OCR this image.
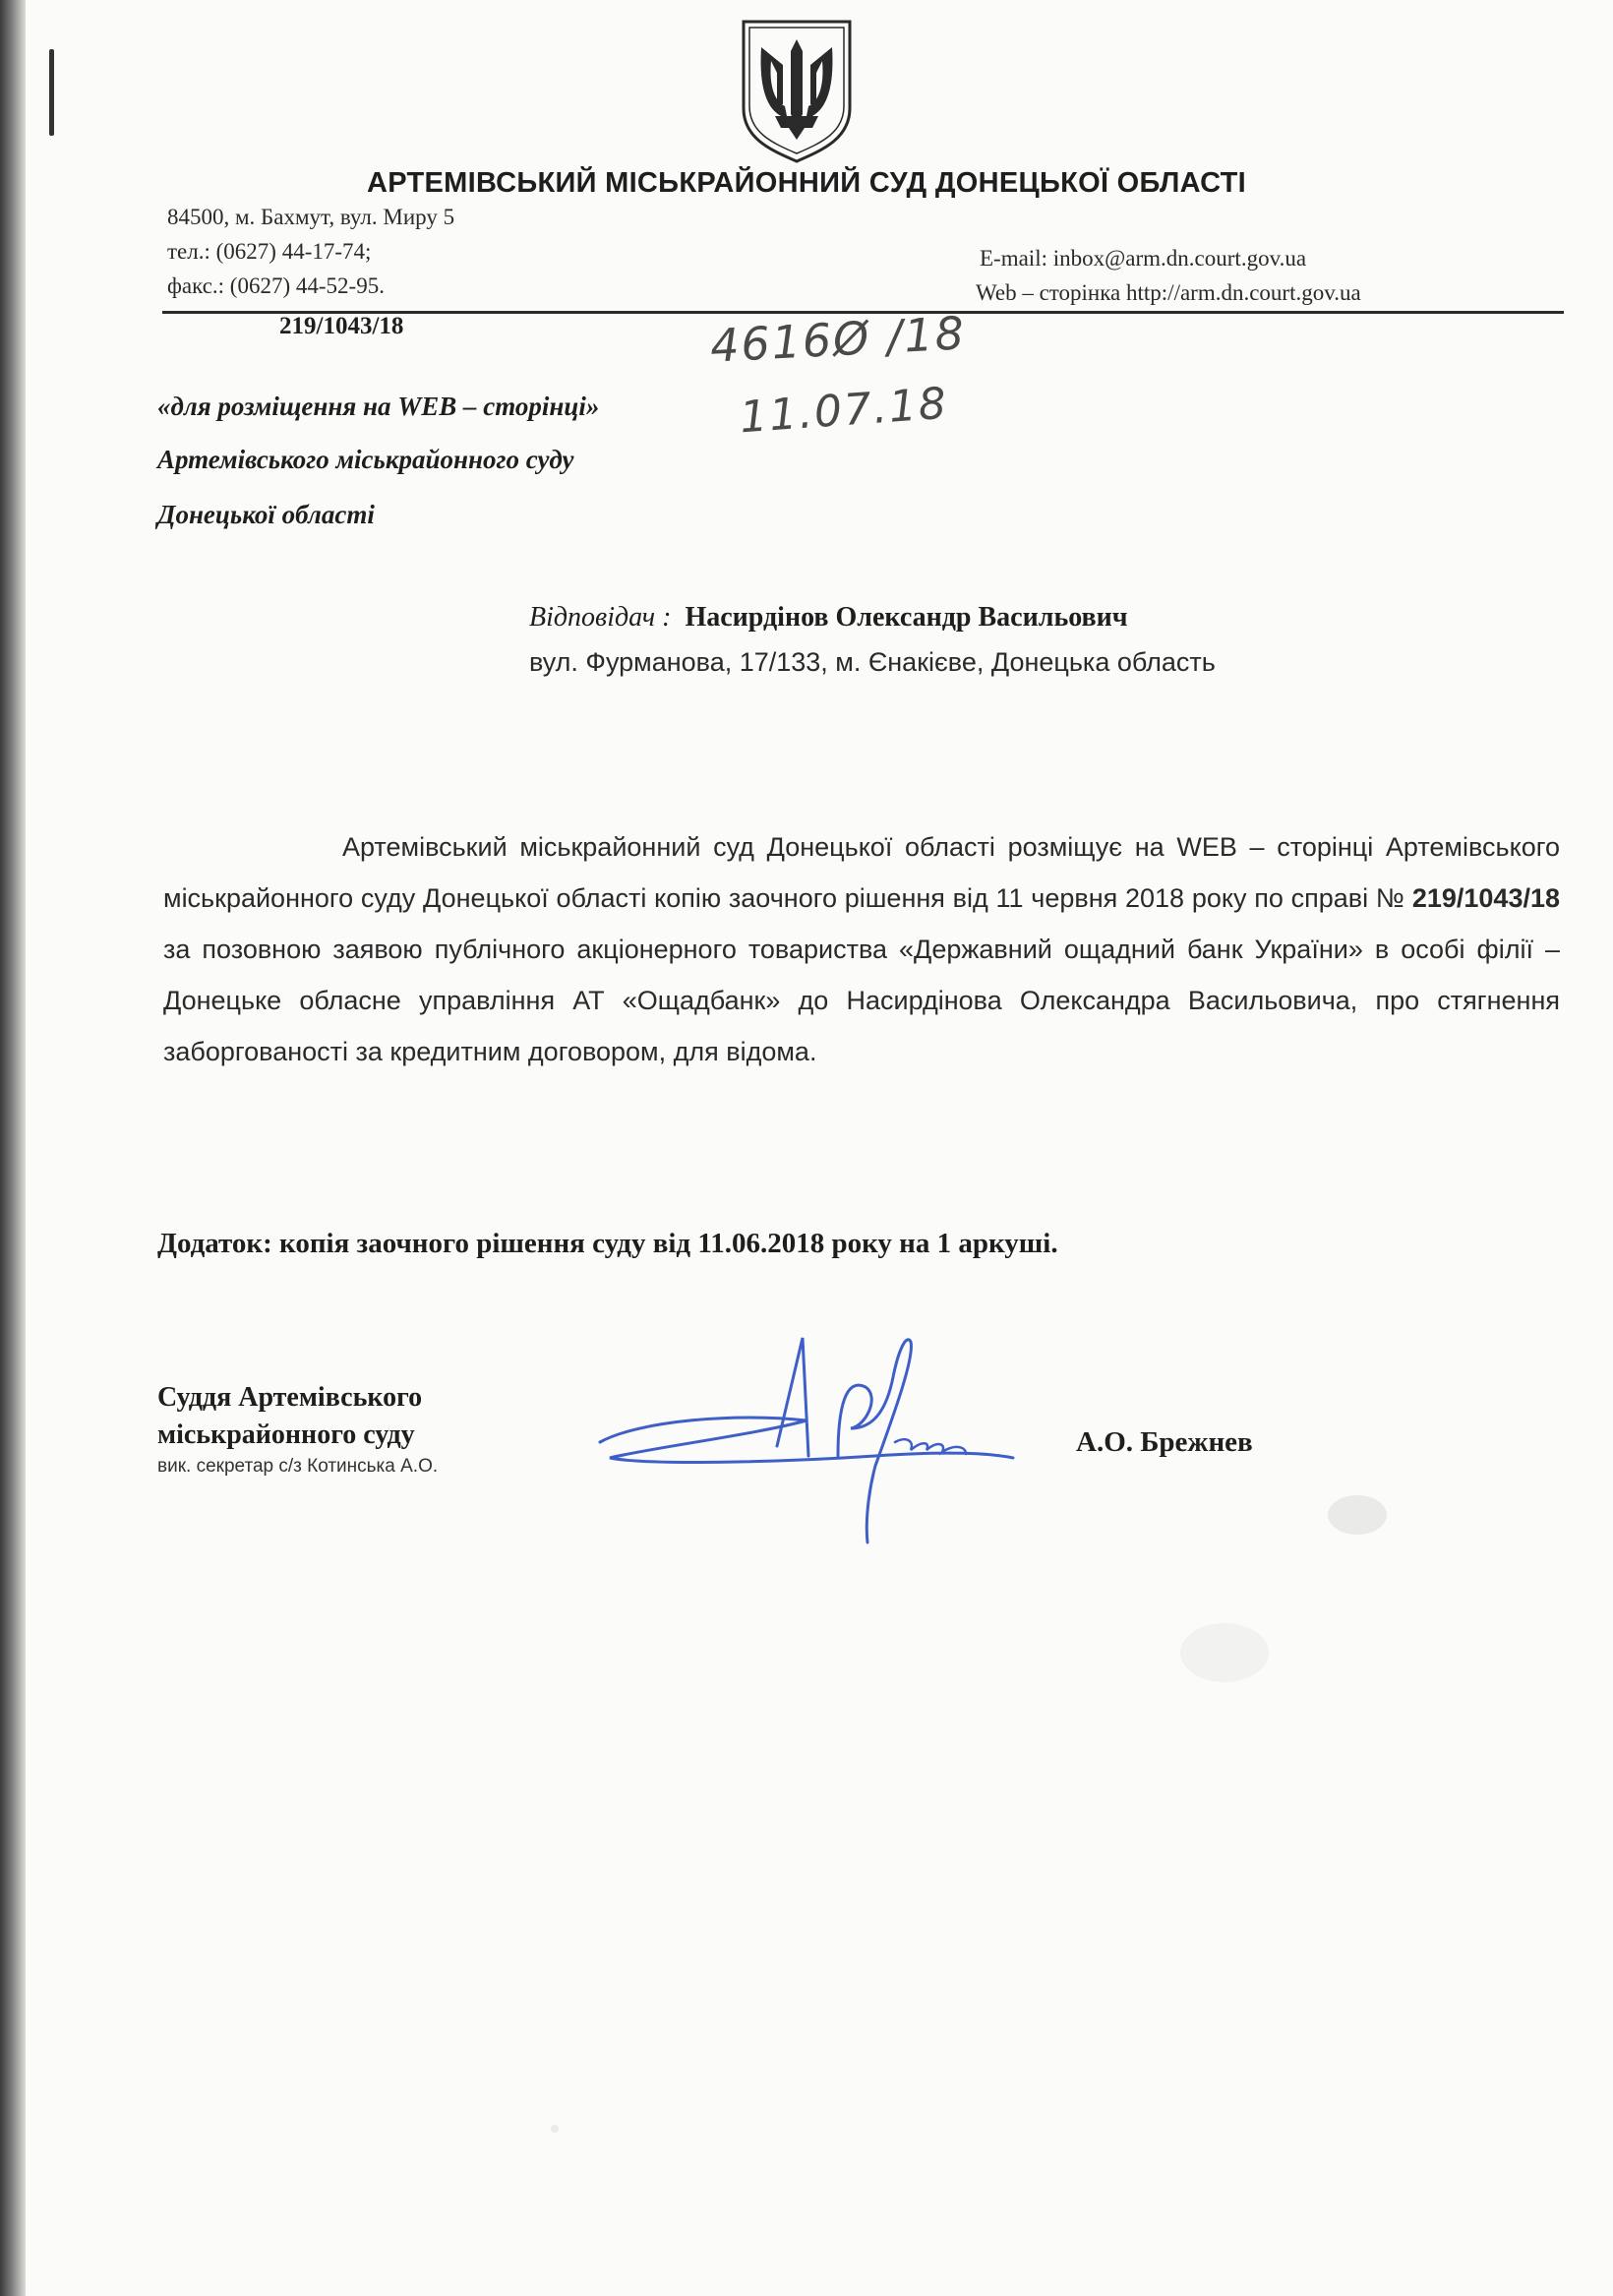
АРТЕМІВСЬКИЙ МІСЬКРАЙОННИЙ СУД ДОНЕЦЬКОЇ ОБЛАСТІ
84500, м. Бахмут, вул. Миру 5
тел.: (0627) 44-17-74;
факс.: (0627) 44-52-95.
E-mail: inbox@arm.dn.court.gov.ua
Web – сторінка http://arm.dn.court.gov.ua
219/1043/18	4616Ø /18
11.07.18
«для розміщення на WEB – сторінці»
Артемівського міськрайонного суду
Донецької області
Відповідач : Насирдінов Олександр Васильович
вул. Фурманова, 17/133, м. Єнакієве, Донецька область
Артемівський міськрайонний суд Донецької області розміщує на WEB – сторінці Артемівського міськрайонного суду Донецької області копію заочного рішення від 11 червня 2018 року по справі № 219/1043/18 за позовною заявою публічного акціонерного товариства «Державний ощадний банк України» в особі філії – Донецьке обласне управління АТ «Ощадбанк» до Насирдінова Олександра Васильовича, про стягнення заборгованості за кредитним договором, для відома.
Додаток: копія заочного рішення суду від 11.06.2018 року на 1 аркуші.
Суддя Артемівського
міськрайонного суду
вик. секретар с/з Котинська А.О.
А.О. Брежнев
